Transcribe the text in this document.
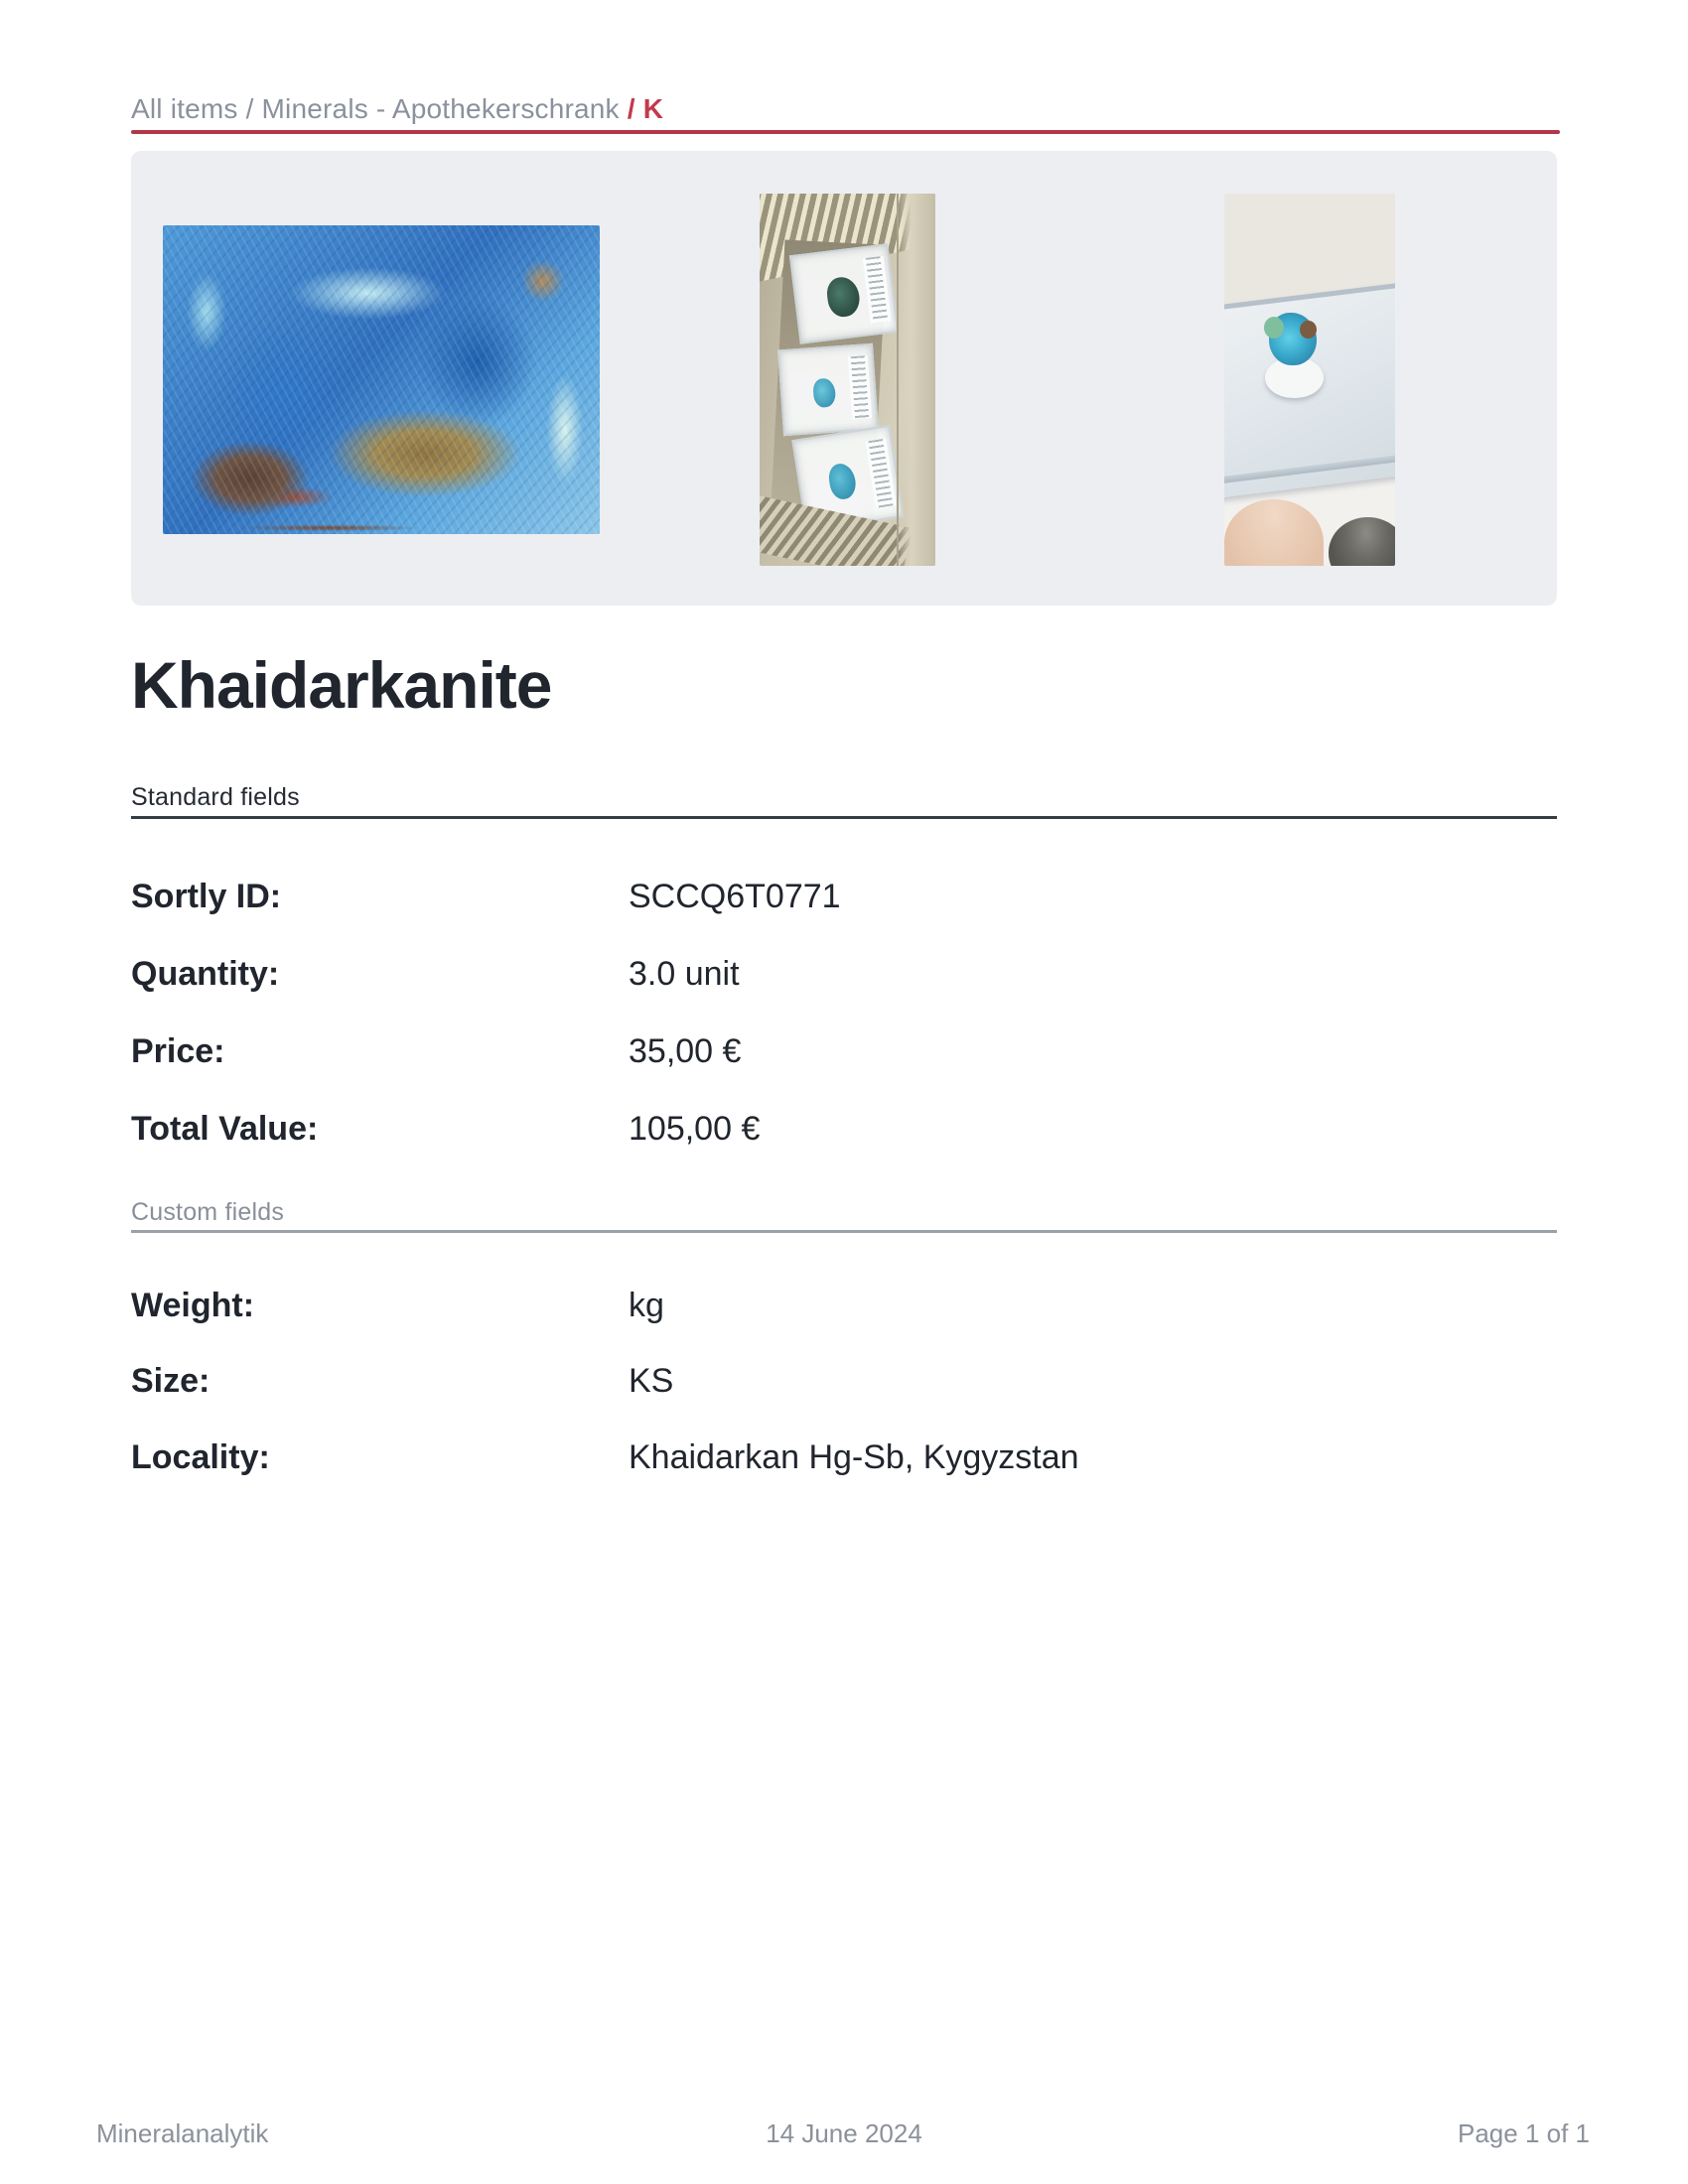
All items / Minerals - Apothekerschrank / K
Khaidarkanite
Standard fields
Sortly ID:	SCCQ6T0771
Quantity:	3.0 unit
Price:	35,00 €
Total Value:	105,00 €
Custom fields
Weight:	kg
Size:	KS
Locality:	Khaidarkan Hg-Sb, Kygyzstan
Mineralanalytik	14 June 2024	Page 1 of 1
